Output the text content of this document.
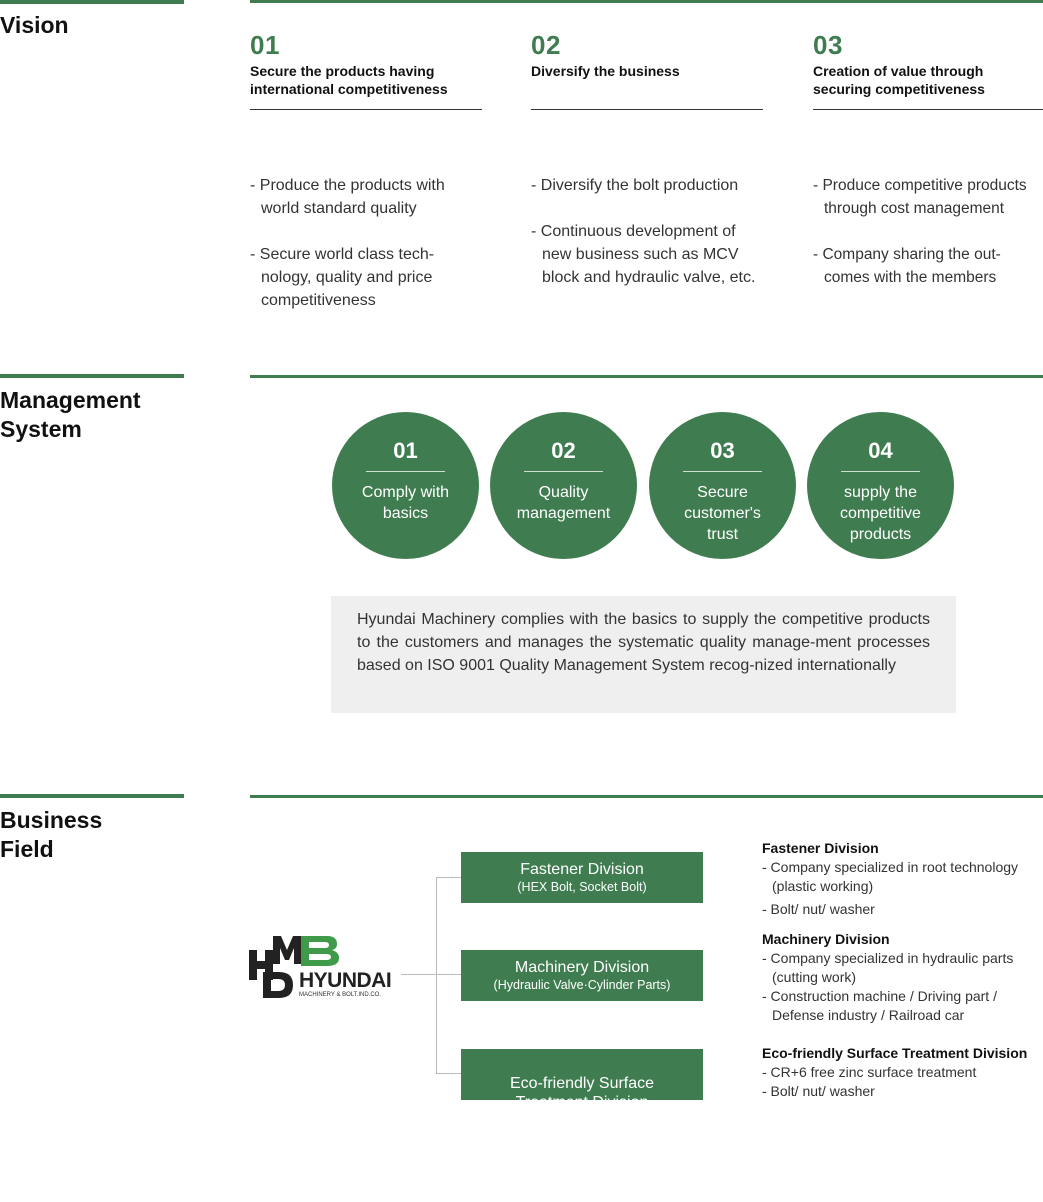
Vision
01
Secure the products having international competitiveness
- Produce the products with world standard quality
- Secure world class tech-nology, quality and price competitiveness
02
Diversify the business
- Diversify the bolt production
- Continuous development of new business such as MCV block and hydraulic valve, etc.
03
Creation of value through securing competitiveness
- Produce competitive products through cost management
- Company sharing the out-comes with the members
Management
System
01
Comply with
basics
02
Quality
management
03
Secure
customer's
trust
04
supply the
competitive
products
Hyundai Machinery complies with the basics to supply the competitive products to the customers and manages the systematic quality manage-ment processes based on ISO 9001 Quality Management System recog-nized internationally
Business
Field
HYUNDAI
MACHINERY & BOLT.IND.CO.
Fastener Division
(HEX Bolt, Socket Bolt)
Machinery Division
(Hydraulic Valve·Cylinder Parts)

Eco-friendly Surface
Treatment Division

Fastener Division
- Company specialized in root technology (plastic working)
- Bolt/ nut/ washer
Machinery Division
- Company specialized in hydraulic parts (cutting work)
- Construction machine / Driving part / Defense industry / Railroad car
Eco-friendly Surface Treatment Division
- CR+6 free zinc surface treatment
- Bolt/ nut/ washer
